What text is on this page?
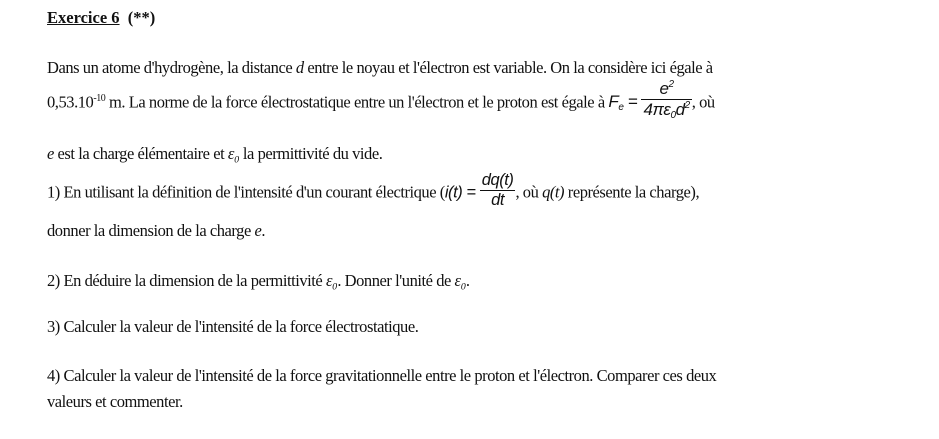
Exercice 6 (**)
Dans un atome d'hydrogène, la distance d entre le noyau et l'électron est variable. On la considère ici égale à
$0,53.10^{-10}$ m. La norme de la force électrostatique entre un l'électron et le proton est égale à $F_e = \frac{e^2}{4\pi\varepsilon_0d^2}$ , où
e est la charge élémentaire et ε₀ la permittivité du vide.
1) En utilisant la définition de l'intensité d'un courant électrique ($i(t) = \frac{dq(t)}{dt}$ , où q(t) représente la charge),
donner la dimension de la charge e.
2) En déduire la dimension de la permittivité ε₀. Donner l'unité de ε₀.
3) Calculer la valeur de l'intensité de la force électrostatique.
4) Calculer la valeur de l'intensité de la force gravitationnelle entre le proton et l'électron. Comparer ces deux
valeurs et commenter.
